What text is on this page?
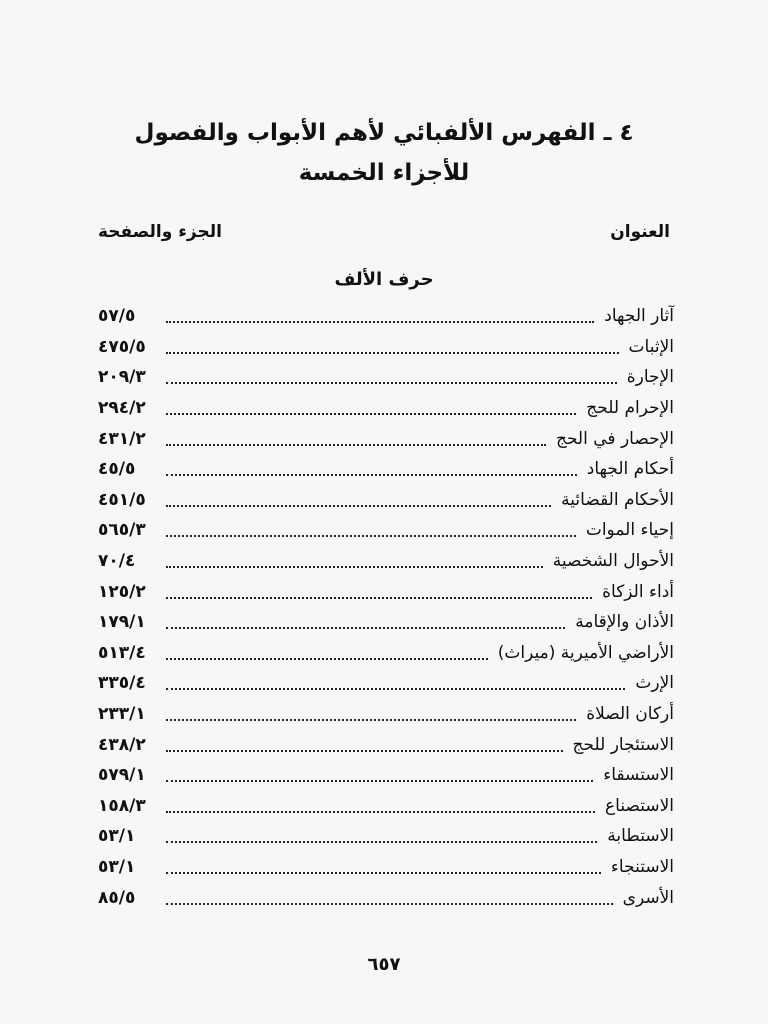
٤ ـ الفهرس الألفبائي لأهم الأبواب والفصول
للأجزاء الخمسة
العنوان
الجزء والصفحة
حرف الألف
آثار الجهاد
٥٧/٥
الإثبات
٤٧٥/٥
الإجارة
٢٠٩/٣
الإحرام للحج
٢٩٤/٢
الإحصار في الحج
٤٣١/٢
أحكام الجهاد
٤٥/٥
الأحكام القضائية
٤٥١/٥
إحياء الموات
٥٦٥/٣
الأحوال الشخصية
٧٠/٤
أداء الزكاة
١٢٥/٢
الأذان والإقامة
١٧٩/١
الأراضي الأميرية (ميراث)
٥١٣/٤
الإرث
٣٣٥/٤
أركان الصلاة
٢٣٣/١
الاستئجار للحج
٤٣٨/٢
الاستسقاء
٥٧٩/١
الاستصناع
١٥٨/٣
الاستطابة
٥٣/١
الاستنجاء
٥٣/١
الأسرى
٨٥/٥
٦٥٧
